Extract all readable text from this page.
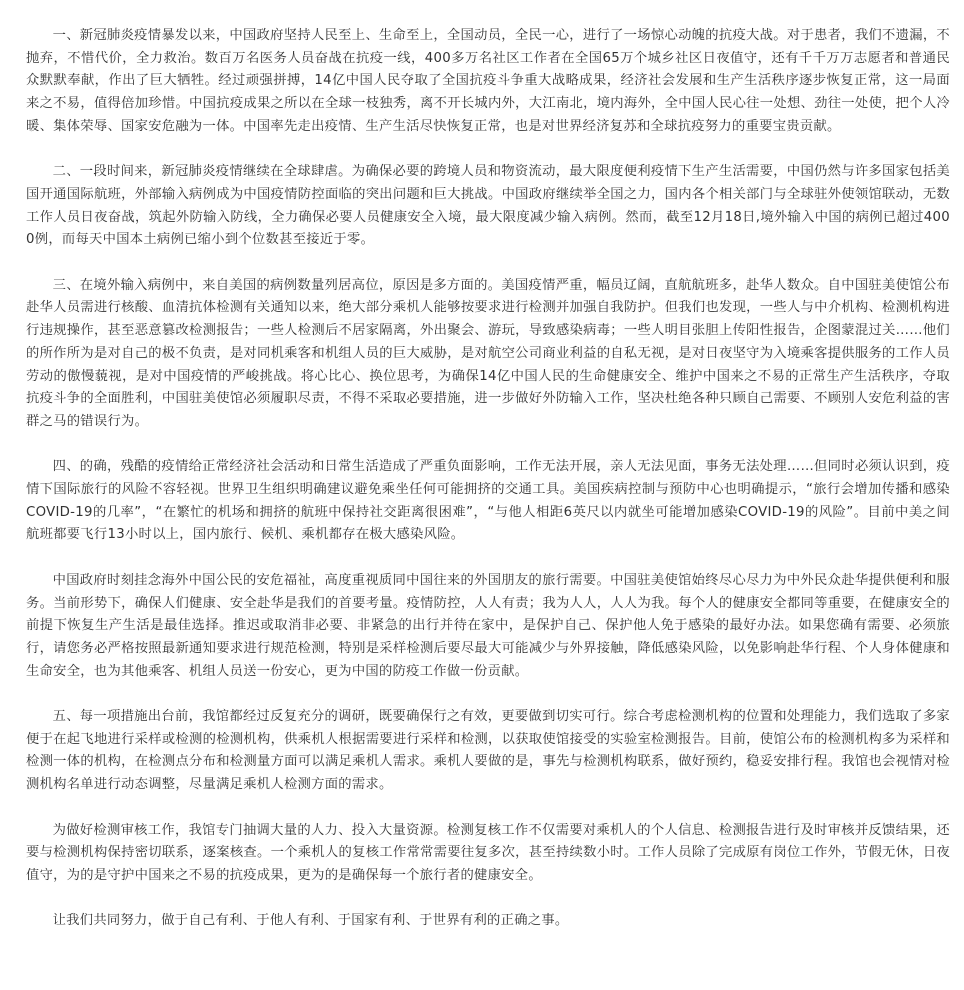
一、新冠肺炎疫情暴发以来，中国政府坚持人民至上、生命至上，全国动员，全民一心，进行了一场惊心动魄的抗疫大战。对于患者，我们不遗漏，不抛弃，不惜代价，全力救治。数百万名医务人员奋战在抗疫一线，400多万名社区工作者在全国65万个城乡社区日夜值守，还有千千万万志愿者和普通民众默默奉献，作出了巨大牺牲。经过顽强拼搏，14亿中国人民夺取了全国抗疫斗争重大战略成果，经济社会发展和生产生活秩序逐步恢复正常，这一局面来之不易，值得倍加珍惜。中国抗疫成果之所以在全球一枝独秀，离不开长城内外，大江南北，境内海外，全中国人民心往一处想、劲往一处使，把个人冷暖、集体荣辱、国家安危融为一体。中国率先走出疫情、生产生活尽快恢复正常，也是对世界经济复苏和全球抗疫努力的重要宝贵贡献。

二、一段时间来，新冠肺炎疫情继续在全球肆虐。为确保必要的跨境人员和物资流动，最大限度便利疫情下生产生活需要，中国仍然与许多国家包括美国开通国际航班，外部输入病例成为中国疫情防控面临的突出问题和巨大挑战。中国政府继续举全国之力，国内各个相关部门与全球驻外使领馆联动，无数工作人员日夜奋战，筑起外防输入防线，全力确保必要人员健康安全入境，最大限度减少输入病例。然而，截至12月18日,境外输入中国的病例已超过4000例，而每天中国本土病例已缩小到个位数甚至接近于零。

三、在境外输入病例中，来自美国的病例数量列居高位，原因是多方面的。美国疫情严重，幅员辽阔，直航航班多，赴华人数众。自中国驻美使馆公布赴华人员需进行核酸、血清抗体检测有关通知以来，绝大部分乘机人能够按要求进行检测并加强自我防护。但我们也发现，一些人与中介机构、检测机构进行违规操作，甚至恶意篡改检测报告；一些人检测后不居家隔离，外出聚会、游玩，导致感染病毒；一些人明目张胆上传阳性报告，企图蒙混过关……他们的所作所为是对自己的极不负责，是对同机乘客和机组人员的巨大威胁，是对航空公司商业利益的自私无视，是对日夜坚守为入境乘客提供服务的工作人员劳动的傲慢藐视，是对中国疫情的严峻挑战。将心比心、换位思考，为确保14亿中国人民的生命健康安全、维护中国来之不易的正常生产生活秩序，夺取抗疫斗争的全面胜利，中国驻美使馆必须履职尽责，不得不采取必要措施，进一步做好外防输入工作，坚决杜绝各种只顾自己需要、不顾别人安危利益的害群之马的错误行为。

四、的确，残酷的疫情给正常经济社会活动和日常生活造成了严重负面影响，工作无法开展，亲人无法见面，事务无法处理……但同时必须认识到，疫情下国际旅行的风险不容轻视。世界卫生组织明确建议避免乘坐任何可能拥挤的交通工具。美国疾病控制与预防中心也明确提示，“旅行会增加传播和感染COVID-19的几率”，“在繁忙的机场和拥挤的航班中保持社交距离很困难”，“与他人相距6英尺以内就坐可能增加感染COVID-19的风险”。目前中美之间航班都要飞行13小时以上，国内旅行、候机、乘机都存在极大感染风险。

中国政府时刻挂念海外中国公民的安危福祉，高度重视质同中国往来的外国朋友的旅行需要。中国驻美使馆始终尽心尽力为中外民众赴华提供便利和服务。当前形势下，确保人们健康、安全赴华是我们的首要考量。疫情防控，人人有责；我为人人，人人为我。每个人的健康安全都同等重要，在健康安全的前提下恢复生产生活是最佳选择。推迟或取消非必要、非紧急的出行并待在家中，是保护自己、保护他人免于感染的最好办法。如果您确有需要、必须旅行，请您务必严格按照最新通知要求进行规范检测，特别是采样检测后要尽最大可能减少与外界接触，降低感染风险，以免影响赴华行程、个人身体健康和生命安全，也为其他乘客、机组人员送一份安心，更为中国的防疫工作做一份贡献。

五、每一项措施出台前，我馆都经过反复充分的调研，既要确保行之有效，更要做到切实可行。综合考虑检测机构的位置和处理能力，我们选取了多家便于在起飞地进行采样或检测的检测机构，供乘机人根据需要进行采样和检测，以获取使馆接受的实验室检测报告。目前，使馆公布的检测机构多为采样和检测一体的机构，在检测点分布和检测量方面可以满足乘机人需求。乘机人要做的是，事先与检测机构联系，做好预约，稳妥安排行程。我馆也会视情对检测机构名单进行动态调整，尽量满足乘机人检测方面的需求。

为做好检测审核工作，我馆专门抽调大量的人力、投入大量资源。检测复核工作不仅需要对乘机人的个人信息、检测报告进行及时审核并反馈结果，还要与检测机构保持密切联系，逐案核查。一个乘机人的复核工作常常需要往复多次，甚至持续数小时。工作人员除了完成原有岗位工作外，节假无休，日夜值守，为的是守护中国来之不易的抗疫成果，更为的是确保每一个旅行者的健康安全。

让我们共同努力，做于自己有利、于他人有利、于国家有利、于世界有利的正确之事。
